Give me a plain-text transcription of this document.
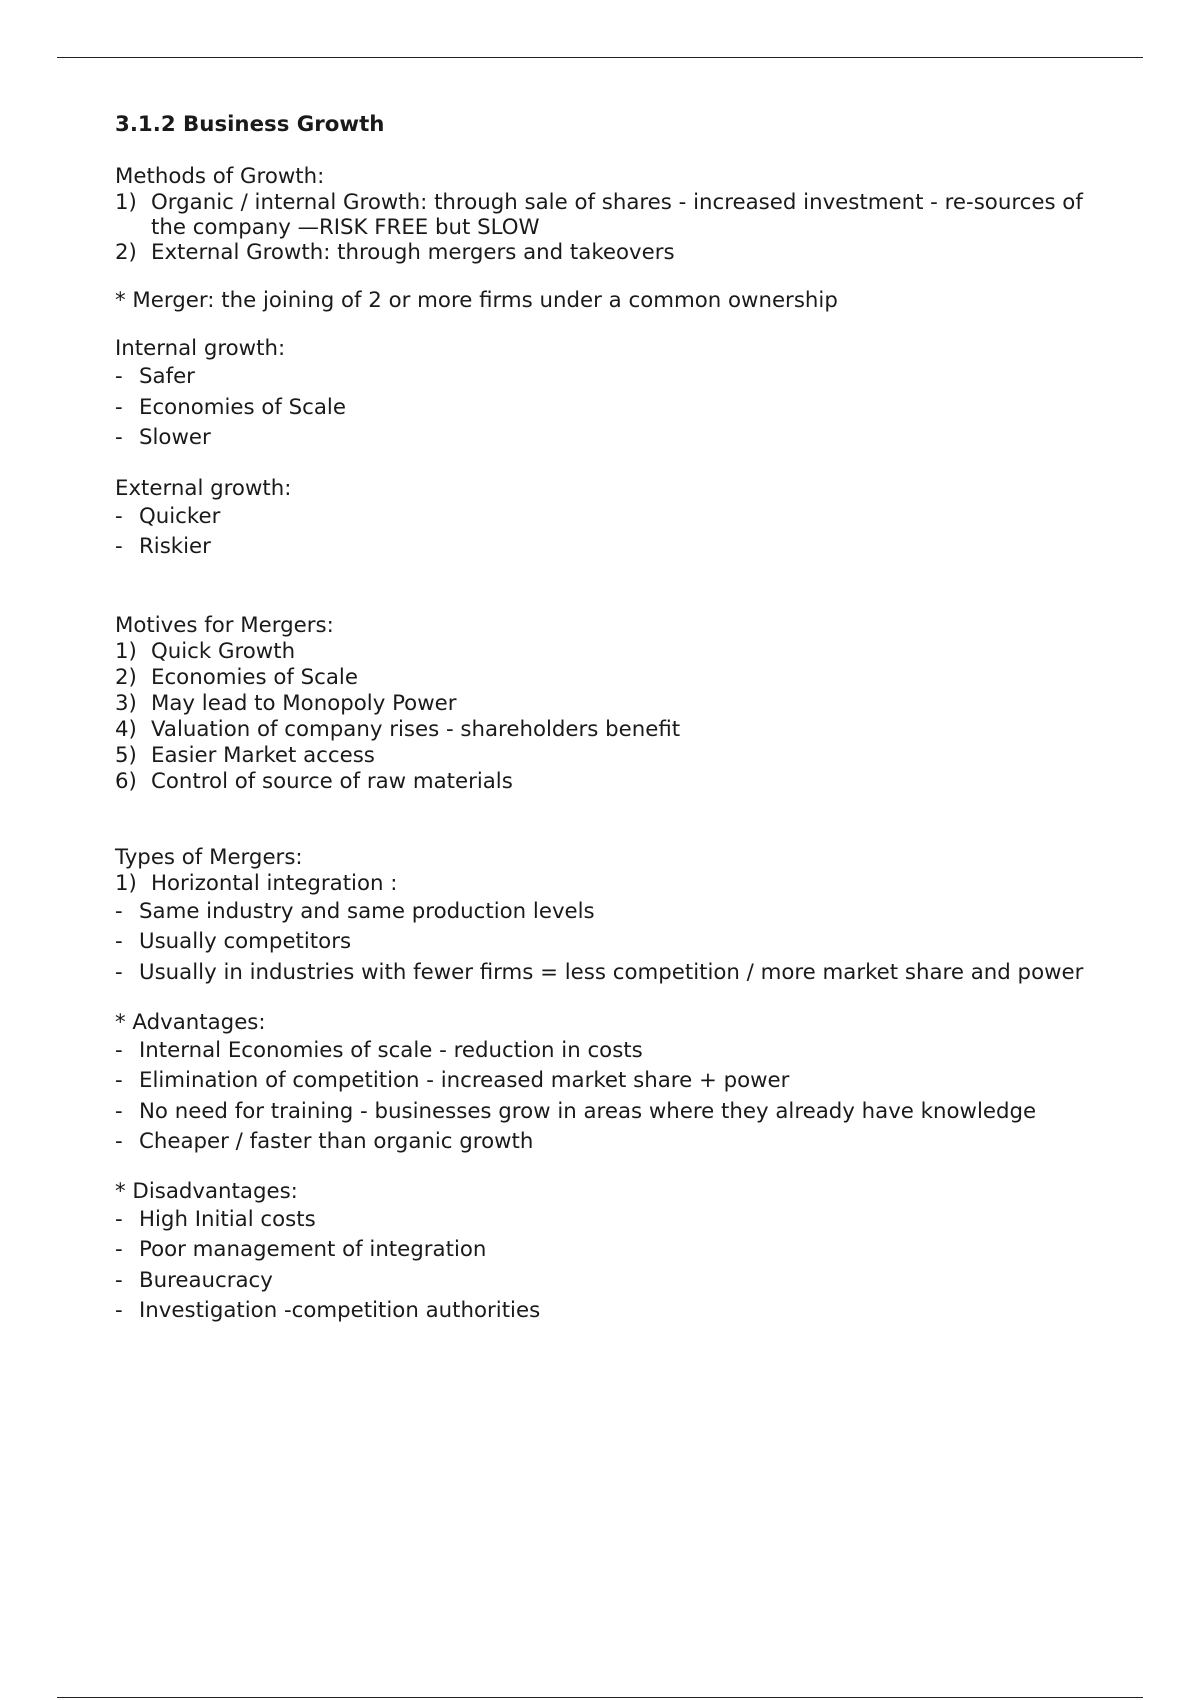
3.1.2 Business Growth

Methods of Growth:

1) Organic / internal Growth: through sale of shares - increased investment - re-sources of the company —RISK FREE but SLOW
2) External Growth: through mergers and takeovers

* Merger: the joining of 2 or more firms under a common ownership

Internal growth:

- Safer
- Economies of Scale
- Slower

External growth:

- Quicker
- Riskier

Motives for Mergers:

1) Quick Growth
2) Economies of Scale
3) May lead to Monopoly Power
4) Valuation of company rises - shareholders benefit
5) Easier Market access
6) Control of source of raw materials

Types of Mergers:

1) Horizontal integration :
- Same industry and same production levels
- Usually competitors
- Usually in industries with fewer firms = less competition / more market share and power

* Advantages:

- Internal Economies of scale - reduction in costs
- Elimination of competition - increased market share + power
- No need for training - businesses grow in areas where they already have knowledge
- Cheaper / faster than organic growth

* Disadvantages:

- High Initial costs
- Poor management of integration
- Bureaucracy
- Investigation -competition authorities
